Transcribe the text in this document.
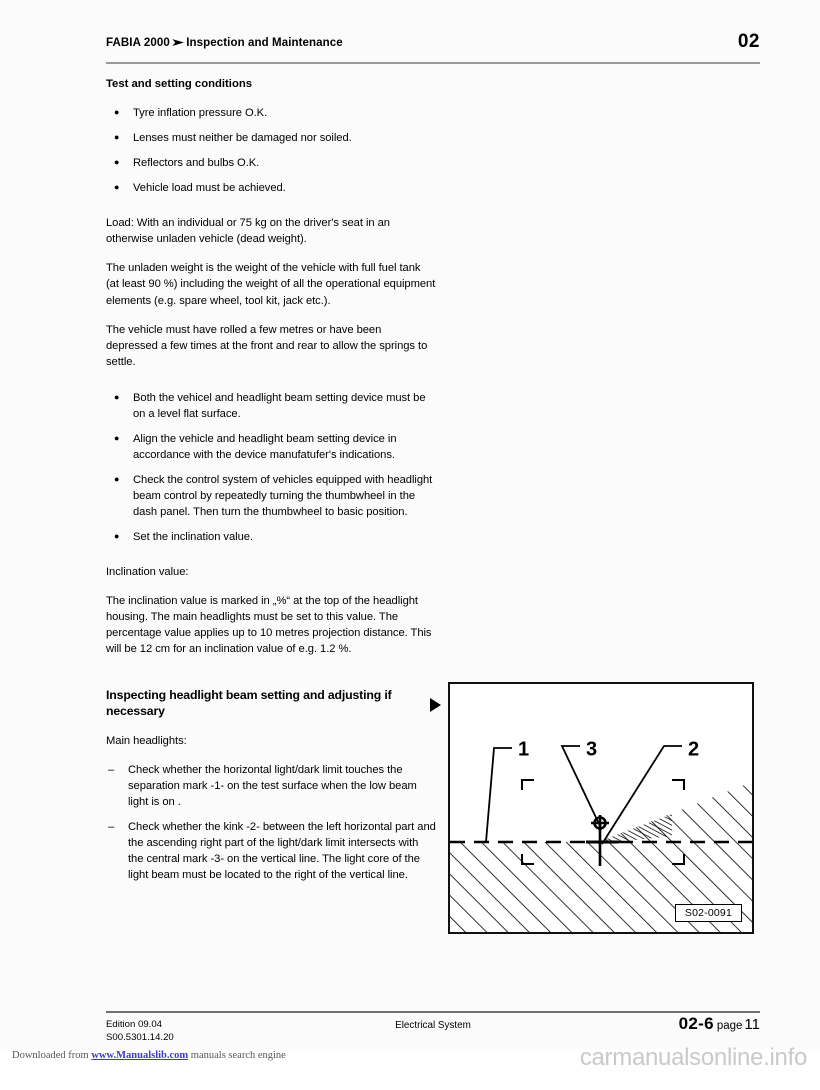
FABIA 2000➤ Inspection and Maintenance	02
Test and setting conditions
● Tyre inflation pressure O.K.
● Lenses must neither be damaged nor soiled.
● Reflectors and bulbs O.K.
● Vehicle load must be achieved.

Load: With an individual or 75 kg on the driver's seat in an otherwise unladen vehicle (dead weight).

The unladen weight is the weight of the vehicle with full fuel tank (at least 90 %) including the weight of all the operational equipment elements (e.g. spare wheel, tool kit, jack etc.).

The vehicle must have rolled a few metres or have been depressed a few times at the front and rear to allow the springs to settle.

● Both the vehicel and headlight beam setting device must be on a level flat surface.
● Align the vehicle and headlight beam setting device in accordance with the device manufatufer's indications.
● Check the control system of vehicles equipped with headlight beam control by repeatedly turning the thumbwheel in the dash panel. Then turn the thumbwheel to basic position.
● Set the inclination value.

Inclination value:

The inclination value is marked in „%“ at the top of the headlight housing. The main headlights must be set to this value. The percentage value applies up to 10 metres projection distance. This will be 12 cm for an inclination value of e.g. 1.2 %.

Inspecting headlight beam setting and adjusting if necessary

Main headlights:

– Check whether the horizontal light/dark limit touches the separation mark -1- on the test surface when the low beam light is on .
– Check whether the kink -2- between the left horizontal part and the ascending right part of the light/dark limit intersects with the central mark -3- on the vertical line. The light core of the light beam must be located to the right of the vertical line.
1	3	2
S02-0091
Edition 09.04
S00.5301.14.20
Electrical System	02-6 page 11
Downloaded from www.Manualslib.com manuals search engine	carmanualsonline.info
